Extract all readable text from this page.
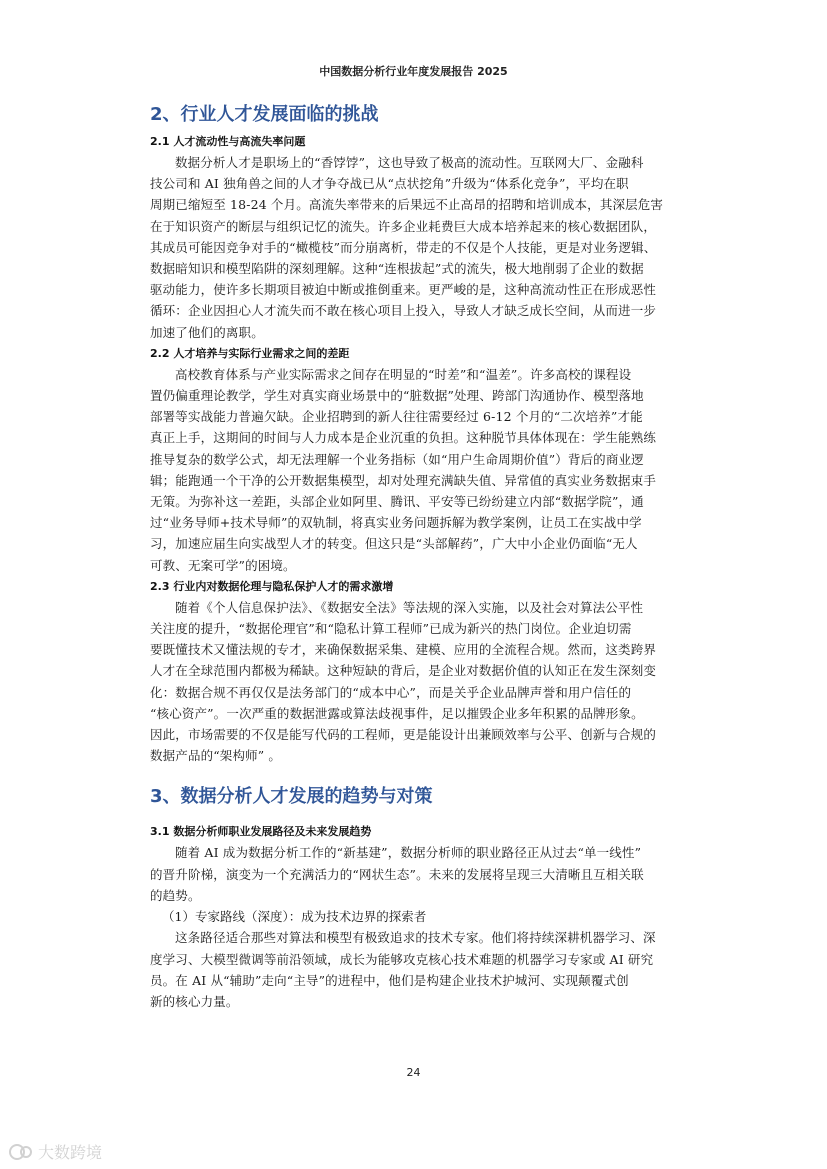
中国数据分析行业年度发展报告 2025
2、行业人才发展面临的挑战
2.1 人才流动性与高流失率问题
数据分析人才是职场上的“香饽饽”，这也导致了极高的流动性。互联网大厂、金融科
技公司和 AI 独角兽之间的人才争夺战已从“点状挖角”升级为“体系化竞争”，平均在职
周期已缩短至 18-24 个月。高流失率带来的后果远不止高昂的招聘和培训成本，其深层危害
在于知识资产的断层与组织记忆的流失。许多企业耗费巨大成本培养起来的核心数据团队，
其成员可能因竞争对手的“橄榄枝”而分崩离析，带走的不仅是个人技能，更是对业务逻辑、
数据暗知识和模型陷阱的深刻理解。这种“连根拔起”式的流失，极大地削弱了企业的数据
驱动能力，使许多长期项目被迫中断或推倒重来。更严峻的是，这种高流动性正在形成恶性
循环：企业因担心人才流失而不敢在核心项目上投入，导致人才缺乏成长空间，从而进一步
加速了他们的离职。
2.2 人才培养与实际行业需求之间的差距
高校教育体系与产业实际需求之间存在明显的“时差”和“温差”。许多高校的课程设
置仍偏重理论教学，学生对真实商业场景中的“脏数据”处理、跨部门沟通协作、模型落地
部署等实战能力普遍欠缺。企业招聘到的新人往往需要经过 6-12 个月的“二次培养”才能
真正上手，这期间的时间与人力成本是企业沉重的负担。这种脱节具体体现在：学生能熟练
推导复杂的数学公式，却无法理解一个业务指标（如“用户生命周期价值”）背后的商业逻
辑；能跑通一个干净的公开数据集模型，却对处理充满缺失值、异常值的真实业务数据束手
无策。为弥补这一差距，头部企业如阿里、腾讯、平安等已纷纷建立内部“数据学院”，通
过“业务导师+技术导师”的双轨制，将真实业务问题拆解为教学案例，让员工在实战中学
习，加速应届生向实战型人才的转变。但这只是“头部解药”，广大中小企业仍面临“无人
可教、无案可学”的困境。
2.3 行业内对数据伦理与隐私保护人才的需求激增
随着《个人信息保护法》、《数据安全法》等法规的深入实施，以及社会对算法公平性
关注度的提升，“数据伦理官”和“隐私计算工程师”已成为新兴的热门岗位。企业迫切需
要既懂技术又懂法规的专才，来确保数据采集、建模、应用的全流程合规。然而，这类跨界
人才在全球范围内都极为稀缺。这种短缺的背后，是企业对数据价值的认知正在发生深刻变
化：数据合规不再仅仅是法务部门的“成本中心”，而是关乎企业品牌声誉和用户信任的
“核心资产”。一次严重的数据泄露或算法歧视事件，足以摧毁企业多年积累的品牌形象。
因此，市场需要的不仅是能写代码的工程师，更是能设计出兼顾效率与公平、创新与合规的
数据产品的“架构师” 。
3、数据分析人才发展的趋势与对策
3.1 数据分析师职业发展路径及未来发展趋势
随着 AI 成为数据分析工作的“新基建”，数据分析师的职业路径正从过去“单一线性”
的晋升阶梯，演变为一个充满活力的“网状生态”。未来的发展将呈现三大清晰且互相关联
的趋势。

（1）专家路线（深度）：成为技术边界的探索者

这条路径适合那些对算法和模型有极致追求的技术专家。他们将持续深耕机器学习、深
度学习、大模型微调等前沿领域，成长为能够攻克核心技术难题的机器学习专家或 AI 研究
员。在 AI 从“辅助”走向“主导”的进程中，他们是构建企业技术护城河、实现颠覆式创
新的核心力量。
24
大数跨境
